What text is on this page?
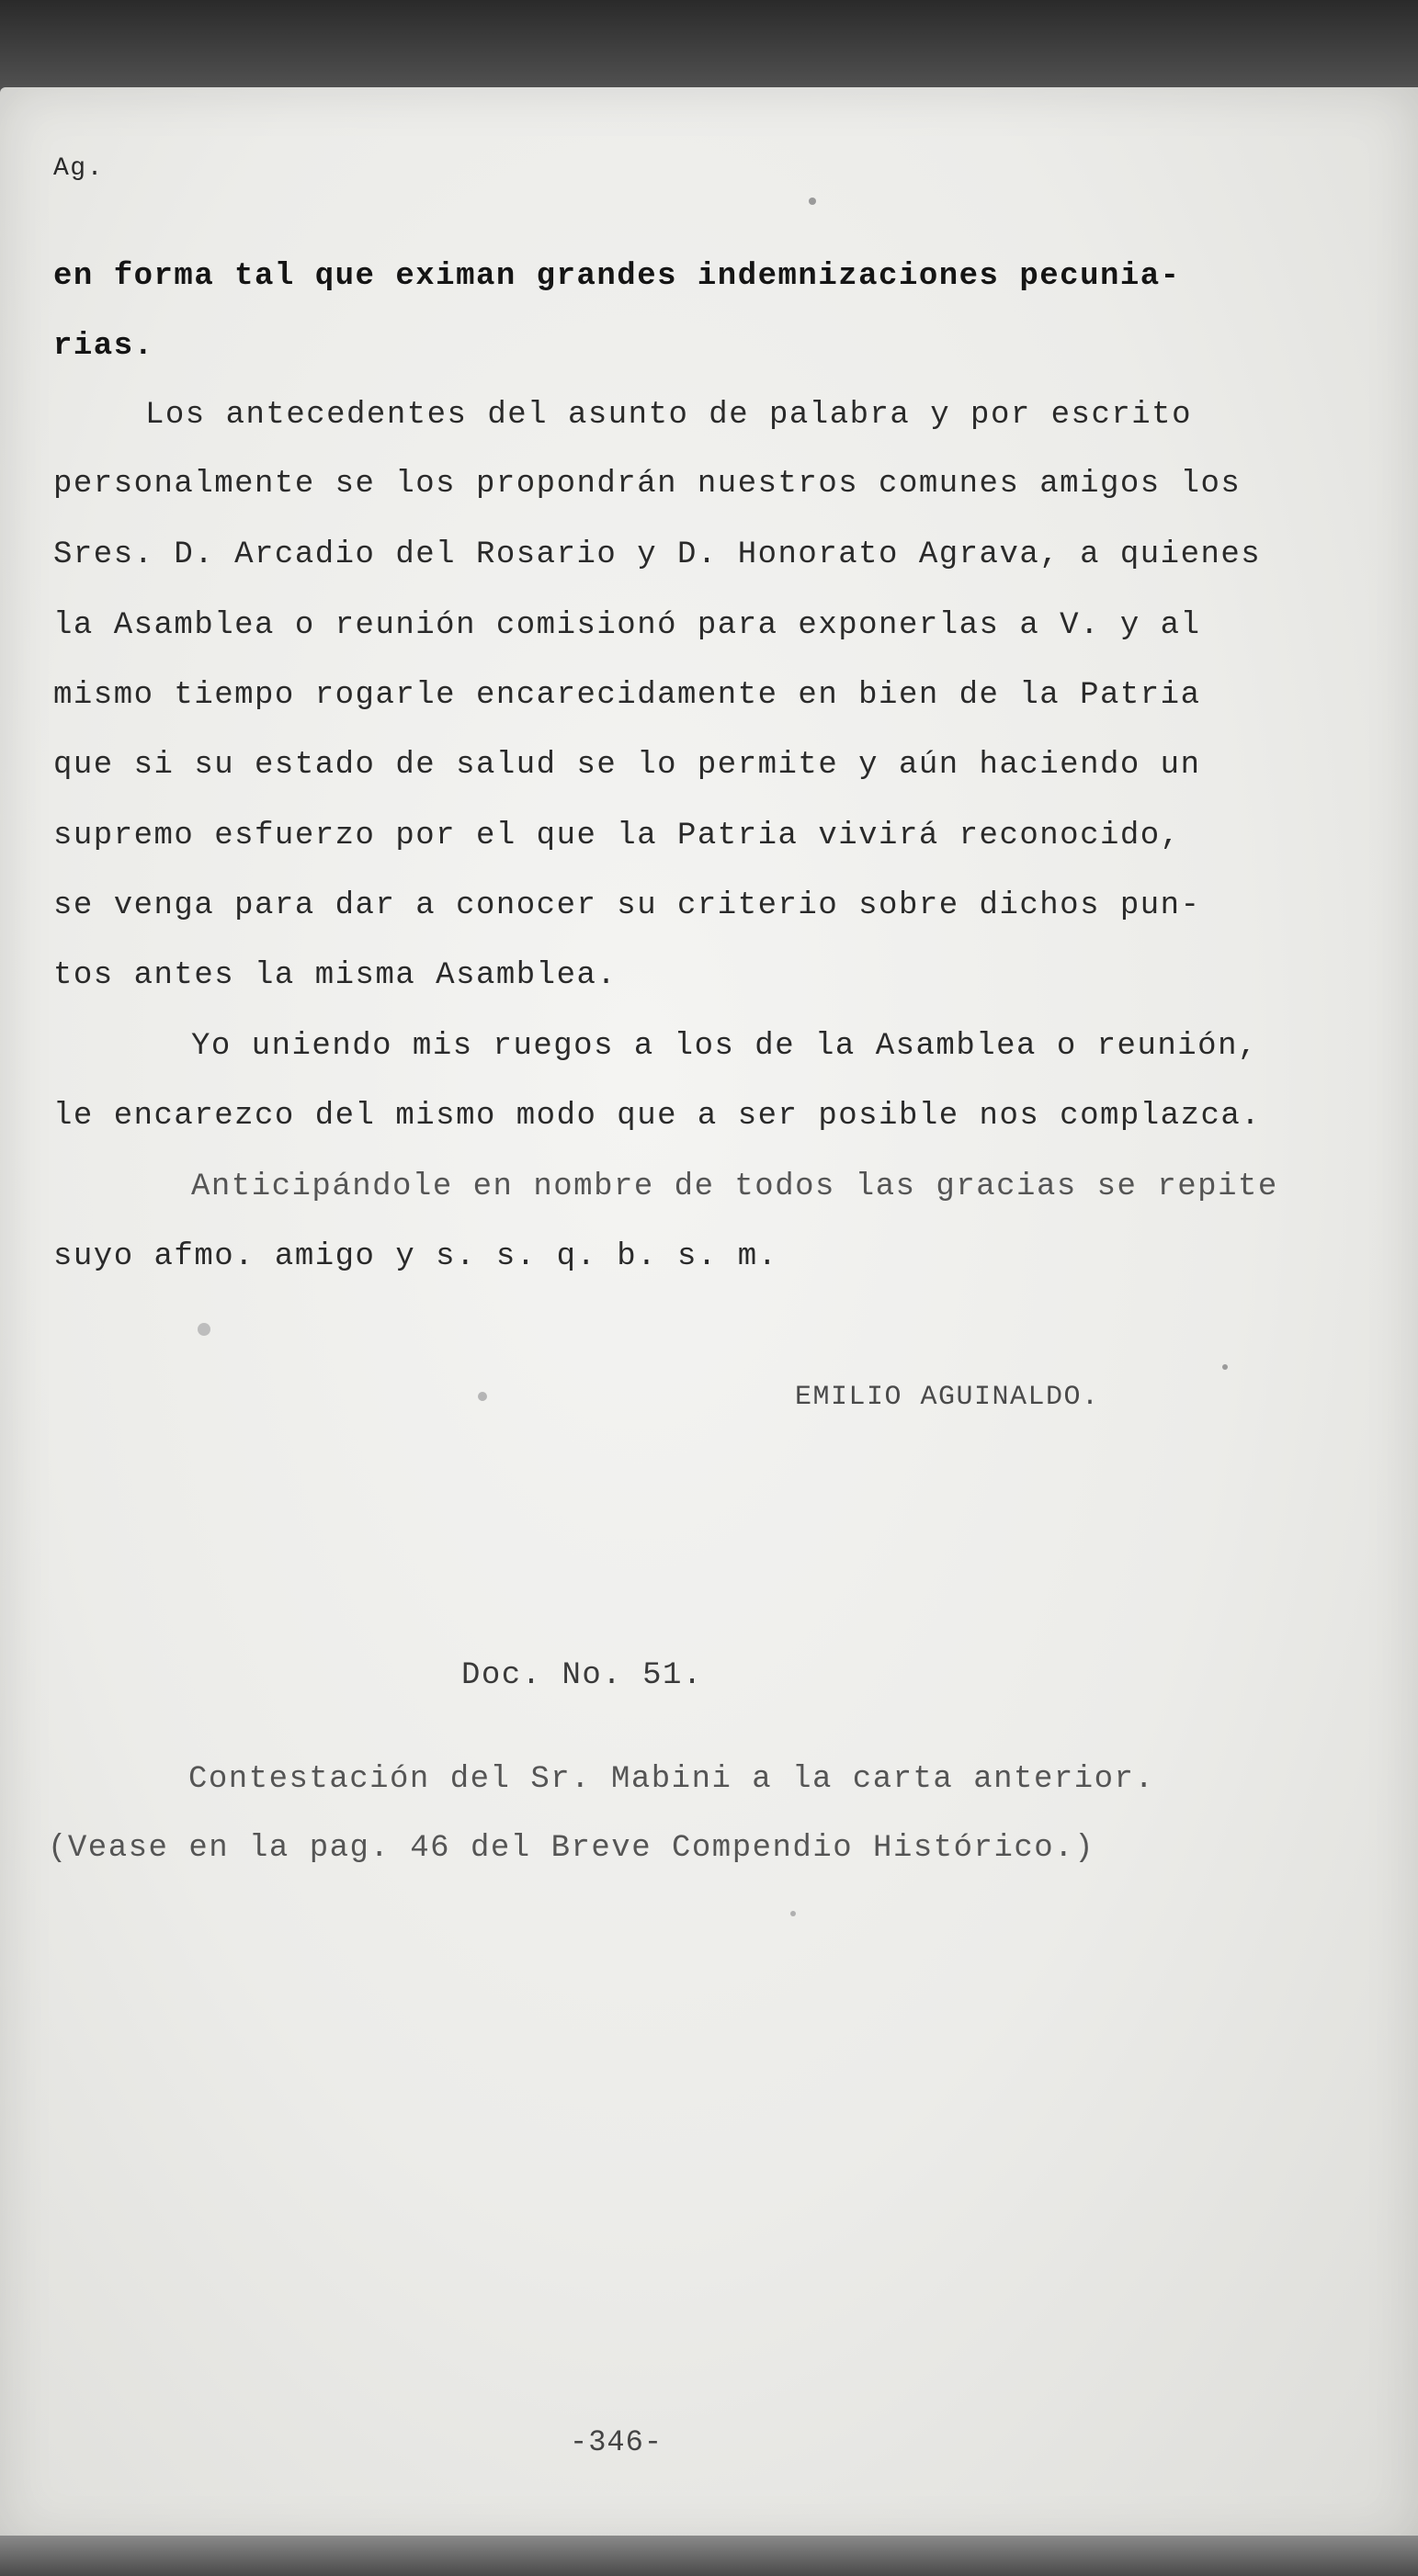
Ag.
en forma tal que eximan grandes indemnizaciones pecunia-
rias.
Los antecedentes del asunto de palabra y por escrito
personalmente se los propondrán nuestros comunes amigos los
Sres. D. Arcadio del Rosario y D. Honorato Agrava, a quienes
la Asamblea o reunión comisionó para exponerlas a V. y al
mismo tiempo rogarle encarecidamente en bien de la Patria
que si su estado de salud se lo permite y aún haciendo un
supremo esfuerzo por el que la Patria vivirá reconocido,
se venga para dar a conocer su criterio sobre dichos pun-
tos antes la misma Asamblea.
Yo uniendo mis ruegos a los de la Asamblea o reunión,
le encarezco del mismo modo que a ser posible nos complazca.
Anticipándole en nombre de todos las gracias se repite
suyo afmo. amigo y s. s. q. b. s. m.
EMILIO AGUINALDO.
Doc. No. 51.
Contestación del Sr. Mabini a la carta anterior.
(Vease en la pag. 46 del Breve Compendio Histórico.)
-346-
